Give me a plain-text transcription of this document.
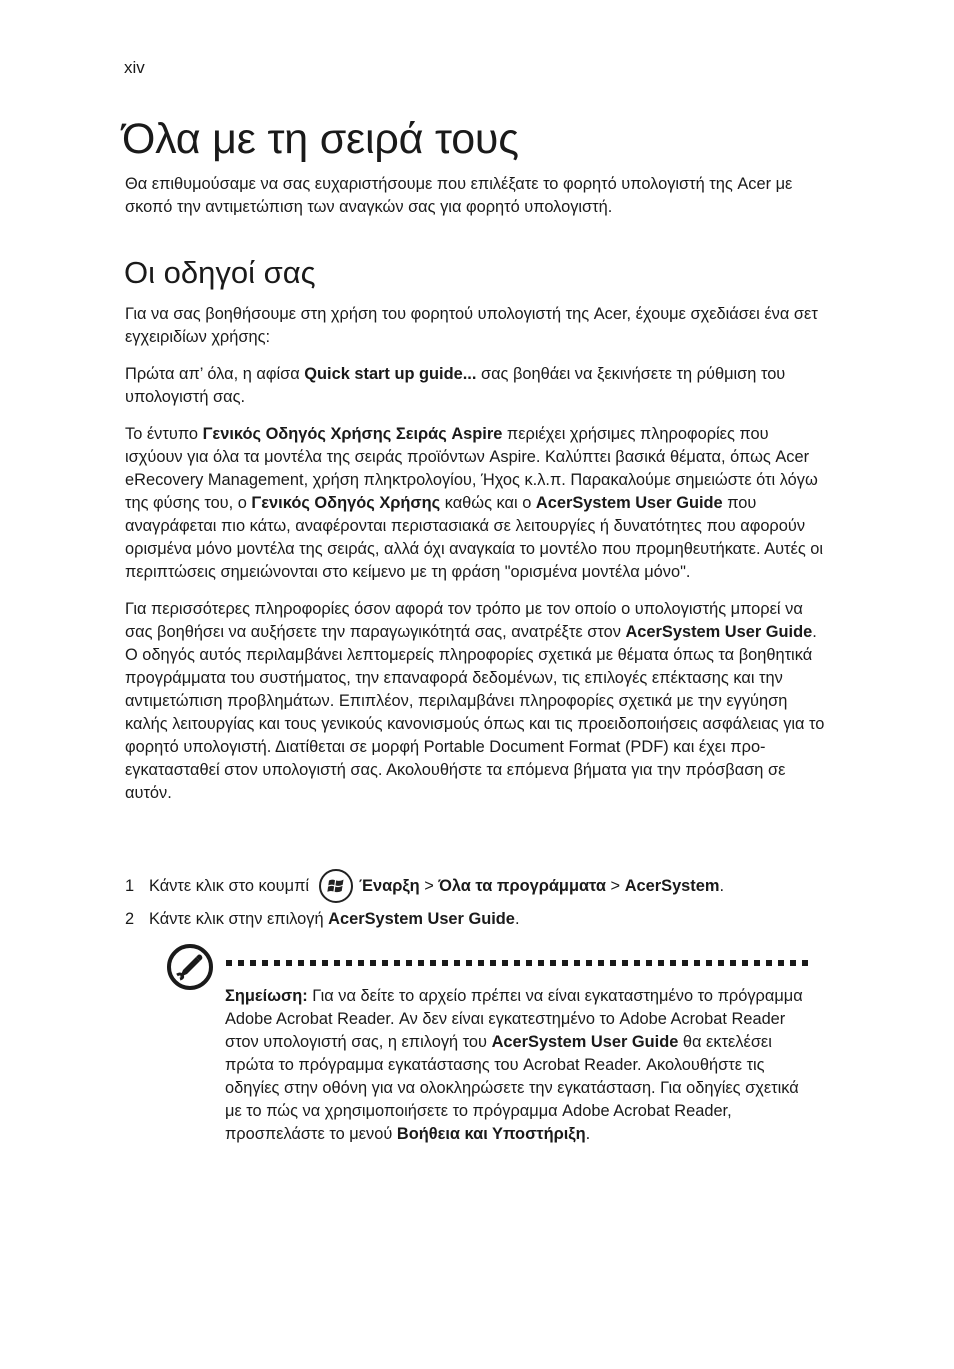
xiv
Όλα με τη σειρά τους

Θα επιθυμούσαμε να σας ευχαριστήσουμε που επιλέξατε το φορητό υπολογιστή της Acer με σκοπό την αντιμετώπιση των αναγκών σας για φορητό υπολογιστή.

Οι οδηγοί σας

Για να σας βοηθήσουμε στη χρήση του φορητού υπολογιστή της Acer, έχουμε σχεδιάσει ένα σετ εγχειριδίων χρήσης:

Πρώτα απ’ όλα, η αφίσα Quick start up guide... σας βοηθάει να ξεκινήσετε τη ρύθμιση του υπολογιστή σας.

Το έντυπο Γενικός Οδηγός Χρήσης Σειράς Aspire περιέχει χρήσιμες πληροφορίες που ισχύουν για όλα τα μοντέλα της σειράς προϊόντων Aspire. Καλύπτει βασικά θέματα, όπως Acer eRecovery Management, χρήση πληκτρολογίου, Ήχος κ.λ.π. Παρακαλούμε σημειώστε ότι λόγω της φύσης του, ο Γενικός Οδηγός Χρήσης καθώς και ο AcerSystem User Guide που αναγράφεται πιο κάτω, αναφέρονται περιστασιακά σε λειτουργίες ή δυνατότητες που αφορούν ορισμένα μόνο μοντέλα της σειράς, αλλά όχι αναγκαία το μοντέλο που προμηθευτήκατε. Αυτές οι περιπτώσεις σημειώνονται στο κείμενο με τη φράση "ορισμένα μοντέλα μόνο".

Για περισσότερες πληροφορίες όσον αφορά τον τρόπο με τον οποίο ο υπολογιστής μπορεί να σας βοηθήσει να αυξήσετε την παραγωγικότητά σας, ανατρέξτε στον AcerSystem User Guide. Ο οδηγός αυτός περιλαμβάνει λεπτομερείς πληροφορίες σχετικά με θέματα όπως τα βοηθητικά προγράμματα του συστήματος, την επαναφορά δεδομένων, τις επιλογές επέκτασης και την αντιμετώπιση προβλημάτων. Επιπλέον, περιλαμβάνει πληροφορίες σχετικά με την εγγύηση καλής λειτουργίας και τους γενικούς κανονισμούς όπως και τις προειδοποιήσεις ασφάλειας για το φορητό υπολογιστή. Διατίθεται σε μορφή Portable Document Format (PDF) και έχει προ-εγκατασταθεί στον υπολογιστή σας. Ακολουθήστε τα επόμενα βήματα για την πρόσβαση σε αυτόν.

1 Κάντε κλικ στο κουμπί	Έναρξη > Όλα τα προγράμματα > AcerSystem .
2 Κάντε κλικ στην επιλογή AcerSystem User Guide .

Σημείωση: Για να δείτε το αρχείο πρέπει να είναι εγκαταστημένο το πρόγραμμα Adobe Acrobat Reader. Αν δεν είναι εγκατεστημένο το Adobe Acrobat Reader στον υπολογιστή σας, η επιλογή του AcerSystem User Guide θα εκτελέσει πρώτα το πρόγραμμα εγκατάστασης του Acrobat Reader. Ακολουθήστε τις οδηγίες στην οθόνη για να ολοκληρώσετε την εγκατάσταση. Για οδηγίες σχετικά με το πώς να χρησιμοποιήσετε το πρόγραμμα Adobe Acrobat Reader, προσπελάστε το μενού Βοήθεια και Υποστήριξη.
